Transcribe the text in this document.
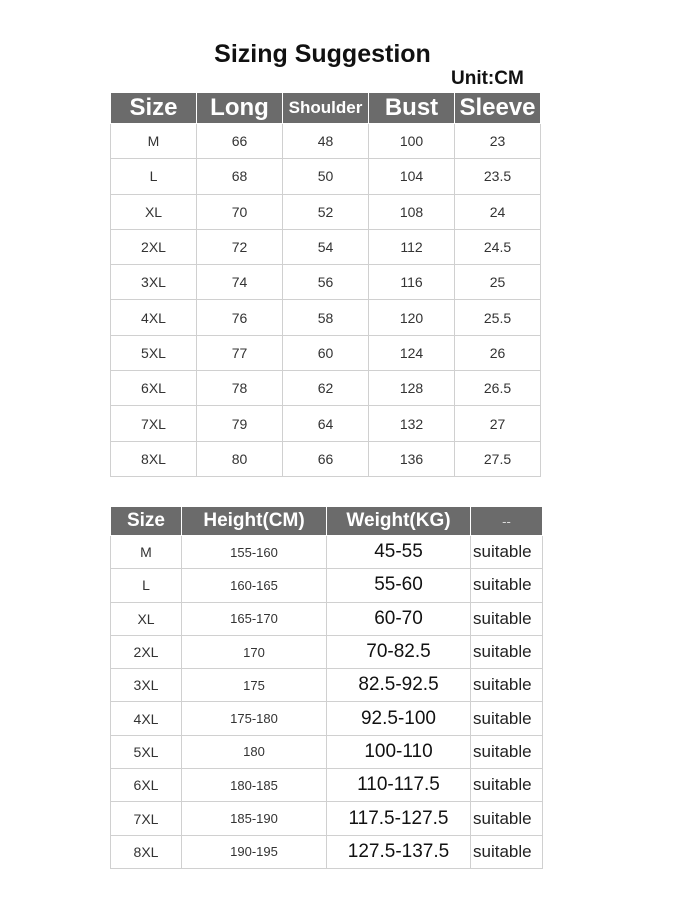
Sizing Suggestion
Unit:CM
Size	Long	Shoulder	Bust	Sleeve
M	66	48	100	23
L	68	50	104	23.5
XL	70	52	108	24
2XL	72	54	112	24.5
3XL	74	56	116	25
4XL	76	58	120	25.5
5XL	77	60	124	26
6XL	78	62	128	26.5
7XL	79	64	132	27
8XL	80	66	136	27.5
Size	Height(CM)	Weight(KG)	--
M	155-160	45-55	suitable
L	160-165	55-60	suitable
XL	165-170	60-70	suitable
2XL	170	70-82.5	suitable
3XL	175	82.5-92.5	suitable
4XL	175-180	92.5-100	suitable
5XL	180	100-110	suitable
6XL	180-185	110-117.5	suitable
7XL	185-190	117.5-127.5	suitable
8XL	190-195	127.5-137.5	suitable
